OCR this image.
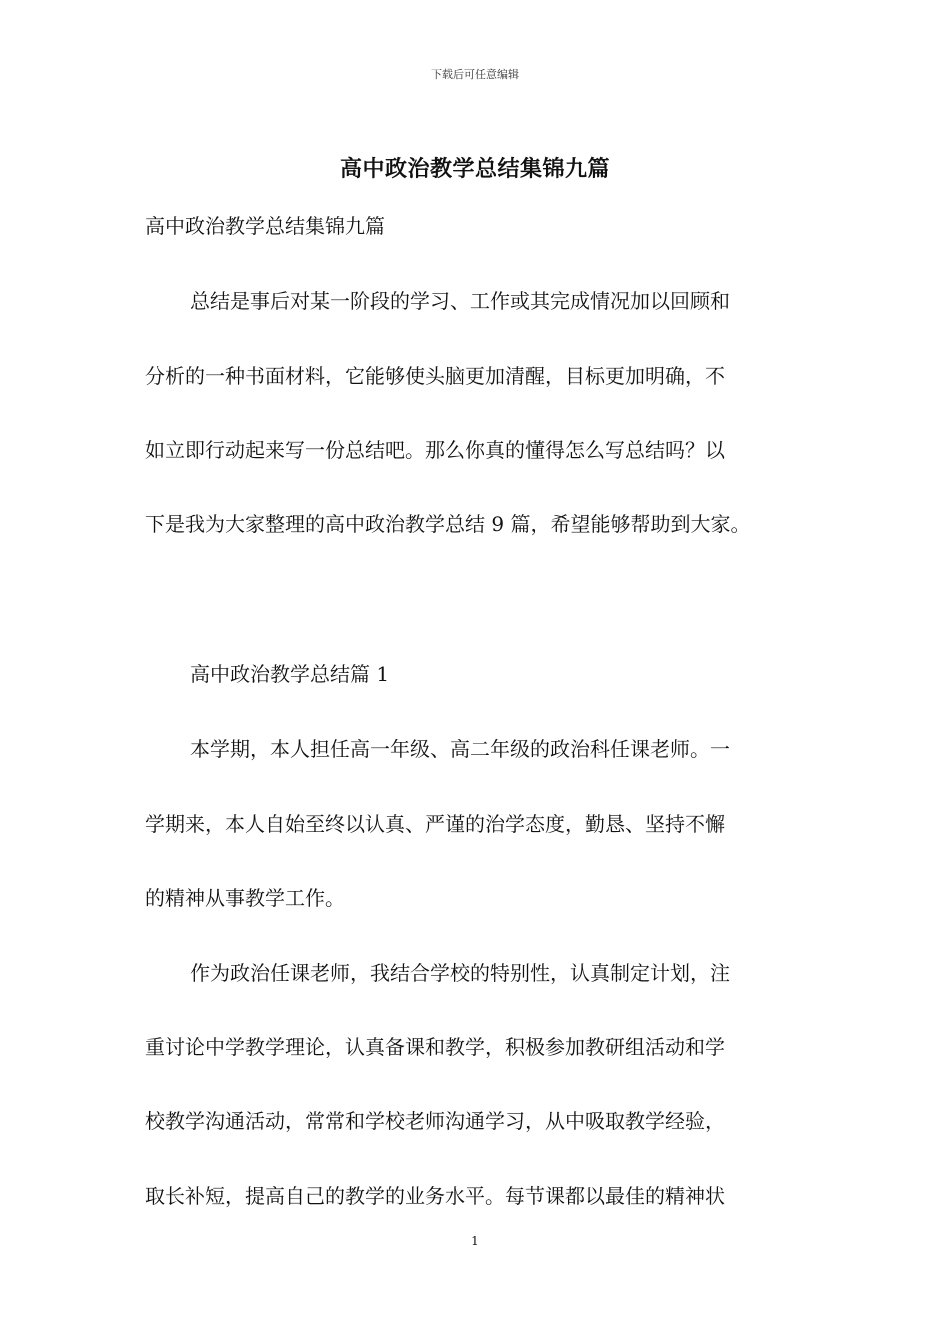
下载后可任意编辑
高中政治教学总结集锦九篇
高中政治教学总结集锦九篇
总结是事后对某一阶段的学习、工作或其完成情况加以回顾和
分析的一种书面材料，它能够使头脑更加清醒，目标更加明确，不
如立即行动起来写一份总结吧。那么你真的懂得怎么写总结吗？以
下是我为大家整理的高中政治教学总结 9 篇，希望能够帮助到大家。
高中政治教学总结篇 1
本学期，本人担任高一年级、高二年级的政治科任课老师。一
学期来，本人自始至终以认真、严谨的治学态度，勤恳、坚持不懈
的精神从事教学工作。
作为政治任课老师，我结合学校的特别性，认真制定计划，注
重讨论中学教学理论，认真备课和教学，积极参加教研组活动和学
校教学沟通活动，常常和学校老师沟通学习，从中吸取教学经验，
取长补短，提高自己的教学的业务水平。每节课都以最佳的精神状
1
